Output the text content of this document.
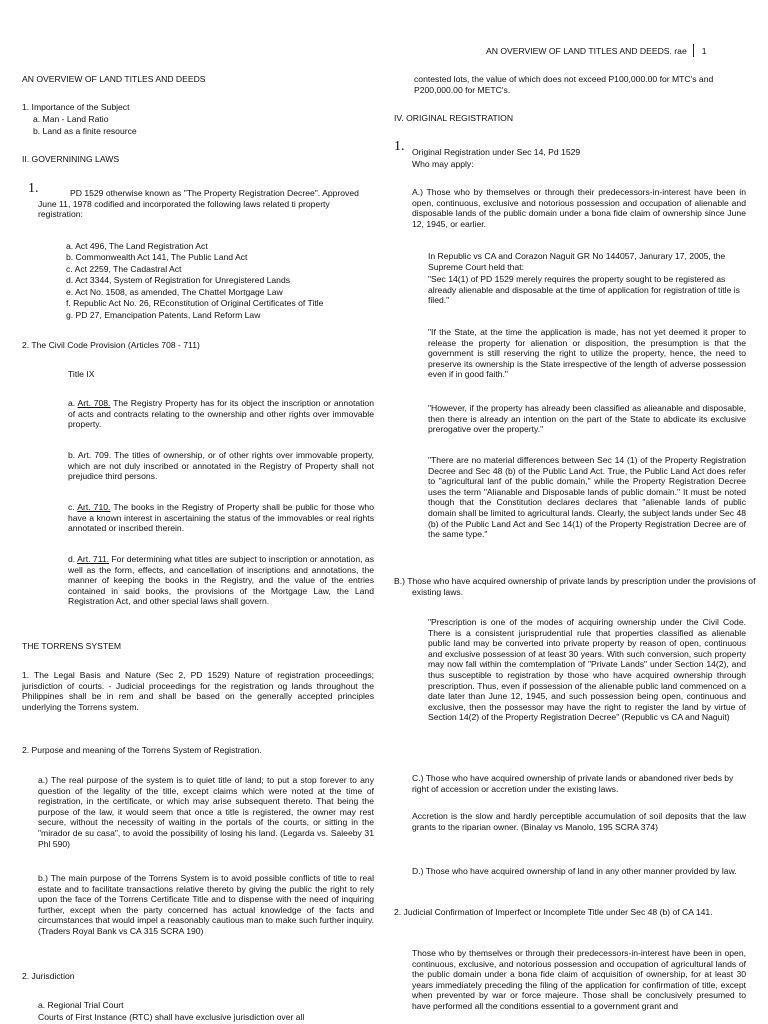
AN OVERVIEW OF LAND TITLES AND DEEDS. rae 1

AN OVERVIEW OF LAND TITLES AND DEEDS

1. Importance of the Subject

a. Man - Land Ratio

b. Land as a finite resource

II. GOVERNINING LAWS

1.	PD 1529 otherwise known as "The Property Registration Decree". Approved June 11, 1978 codified and incorporated the following laws related ti property registration:

a. Act 496, The Land Registration Act

b. Commonwealth Act 141, The Public Land Act

c. Act 2259, The Cadastral Act

d. Act 3344, System of Registration for Unregistered Lands

e. Act No. 1508, as amended, The Chattel Mortgage Law

f. Republic Act No. 26, REconstitution of Original Certificates of Title

g. PD 27, Emancipation Patents, Land Reform Law

2. The Civil Code Provision (Articles 708 - 711)

Title IX

a. Art. 708. The Registry Property has for its object the inscription or annotation of acts and contracts relating to the ownership and other rights over immovable property.

b. Art. 709. The titles of ownership, or of other rights over immovable property, which are not duly inscribed or annotated in the Registry of Property shall not prejudice third persons.

c. Art. 710. The books in the Registry of Property shall be public for those who have a known interest in ascertaining the status of the immovables or real rights annotated or inscribed therein.

d. Art. 711. For determining what titles are subject to inscription or annotation, as well as the form, effects, and cancellation of inscriptions and annotations, the manner of keeping the books in the Registry, and the value of the entries contained in said books, the provisions of the Mortgage Law, the Land Registration Act, and other special laws shall govern.

THE TORRENS SYSTEM

1. The Legal Basis and Nature (Sec 2, PD 1529) Nature of registration proceedings; jurisdiction of courts. - Judicial proceedings for the registration og lands throughout the Philippines shall be in rem and shall be based on the generally accepted principles underlying the Torrens system.

2. Purpose and meaning of the Torrens System of Registration.

a.) The real purpose of the system is to quiet title of land; to put a stop forever to any question of the legality of the title, except claims which were noted at the time of registration, in the certificate, or which may arise subsequent thereto. That being the purpose of the law, it would seem that once a title is registered, the owner may rest secure, without the necessity of waiting in the portals of the courts, or sitting in the "mirador de su casa", to avoid the possibility of losing his land. (Legarda vs. Saleeby 31 Phl 590)

b.) The main purpose of the Torrens System is to avoid possible conflicts of title to real estate and to facilitate transactions relative thereto by giving the public the right to rely upon the face of the Torrens Certificate Title and to dispense with the need of inquiring further, except when the party concerned has actual knowledge of the facts and circumstances that would impel a reasonably cautious man to make such further inquiry. (Traders Royal Bank vs CA 315 SCRA 190)

2. Jurisdiction

a. Regional Trial Court

Courts of First Instance (RTC) shall have exclusive jurisdiction over all

contested lots, the value of which does not exceed P100,000.00 for MTC's and P200,000.00 for METC's.

IV. ORIGINAL REGISTRATION

1. Original Registration under Sec 14, Pd 1529

Who may apply:

A.) Those who by themselves or through their predecessors-in-interest have been in open, continuous, exclusive and notorious possession and occupation of alienable and disposable lands of the public domain under a bona fide claim of ownership since June 12, 1945, or earlier.

In Republic vs CA and Corazon Naguit GR No 144057, Janurary 17, 2005, the Supreme Court held that:

"Sec 14(1) of PD 1529 merely requires the property sought to be registered as already alienable and disposable at the time of application for registration of title is filed."

"If the State, at the time the application is made, has not yet deemed it proper to release the property for alienation or disposition, the presumption is that the government is still reserving the right to utilize the property, hence, the need to preserve its ownership is the State irrespective of the length of adverse possession even if in good faith."

"However, if the property has already been classified as alieanable and disposable, then there is already an intention on the part of the State to abdicate its exclusive prerogative over the property."

"There are no material differences between Sec 14 (1) of the Property Registration Decree and Sec 48 (b) of the Public Land Act. True, the Public Land Act does refer to "agricultural lanf of the public domain," while the Property Registration Decree uses the term "Alianable and Disposable lands of public domain." It must be noted though that the Constitution declares declares that "alienable lands of public domain shall be limited to agricultural lands. Clearly, the subject lands under Sec 48 (b) of the Public Land Act and Sec 14(1) of the Property Registration Decree are of the same type."

B.) Those who have acquired ownership of private lands by prescription under the provisions of existing laws.

"Prescription is one of the modes of acquiring ownership under the Civil Code. There is a consistent jurisprudential rule that properties classified as alienable public land may be converted into private property by reason of open, continuous and exclusive possession of at least 30 years. With such conversion, such property may now fall within the comtemplation of "Private Lands" under Section 14(2), and thus susceptible to registration by those who have acquired ownership through prescription. Thus, even if possession of the alienable public land commenced on a date later than June 12, 1945, and such possession being open, continuous and exclusive, then the possessor may have the right to register the land by virtue of Section 14(2) of the Property Registration Decree" (Republic vs CA and Naguit)

C.) Those who have acquired ownership of private lands or abandoned river beds by right of accession or accretion under the existing laws.

Accretion is the slow and hardly perceptible accumulation of soil deposits that the law grants to the riparian owner. (Binalay vs Manolo, 195 SCRA 374)

D.) Those who have acquired ownership of land in any other manner provided by law.

2. Judicial Confirmation of Imperfect or Incomplete Title under Sec 48 (b) of CA 141.

Those who by themselves or through their predecessors-in-interest have been in open, continuous, exclusive, and notorious possession and occupation of agricultural lands of the public domain under a bona fide claim of acquisition of ownership, for at least 30 years immediately preceding the filing of the application for confirmation of title, except when prevented by war or force majeure. Those shall be conclusively presumed to have performed all the conditions essential to a government grant and
